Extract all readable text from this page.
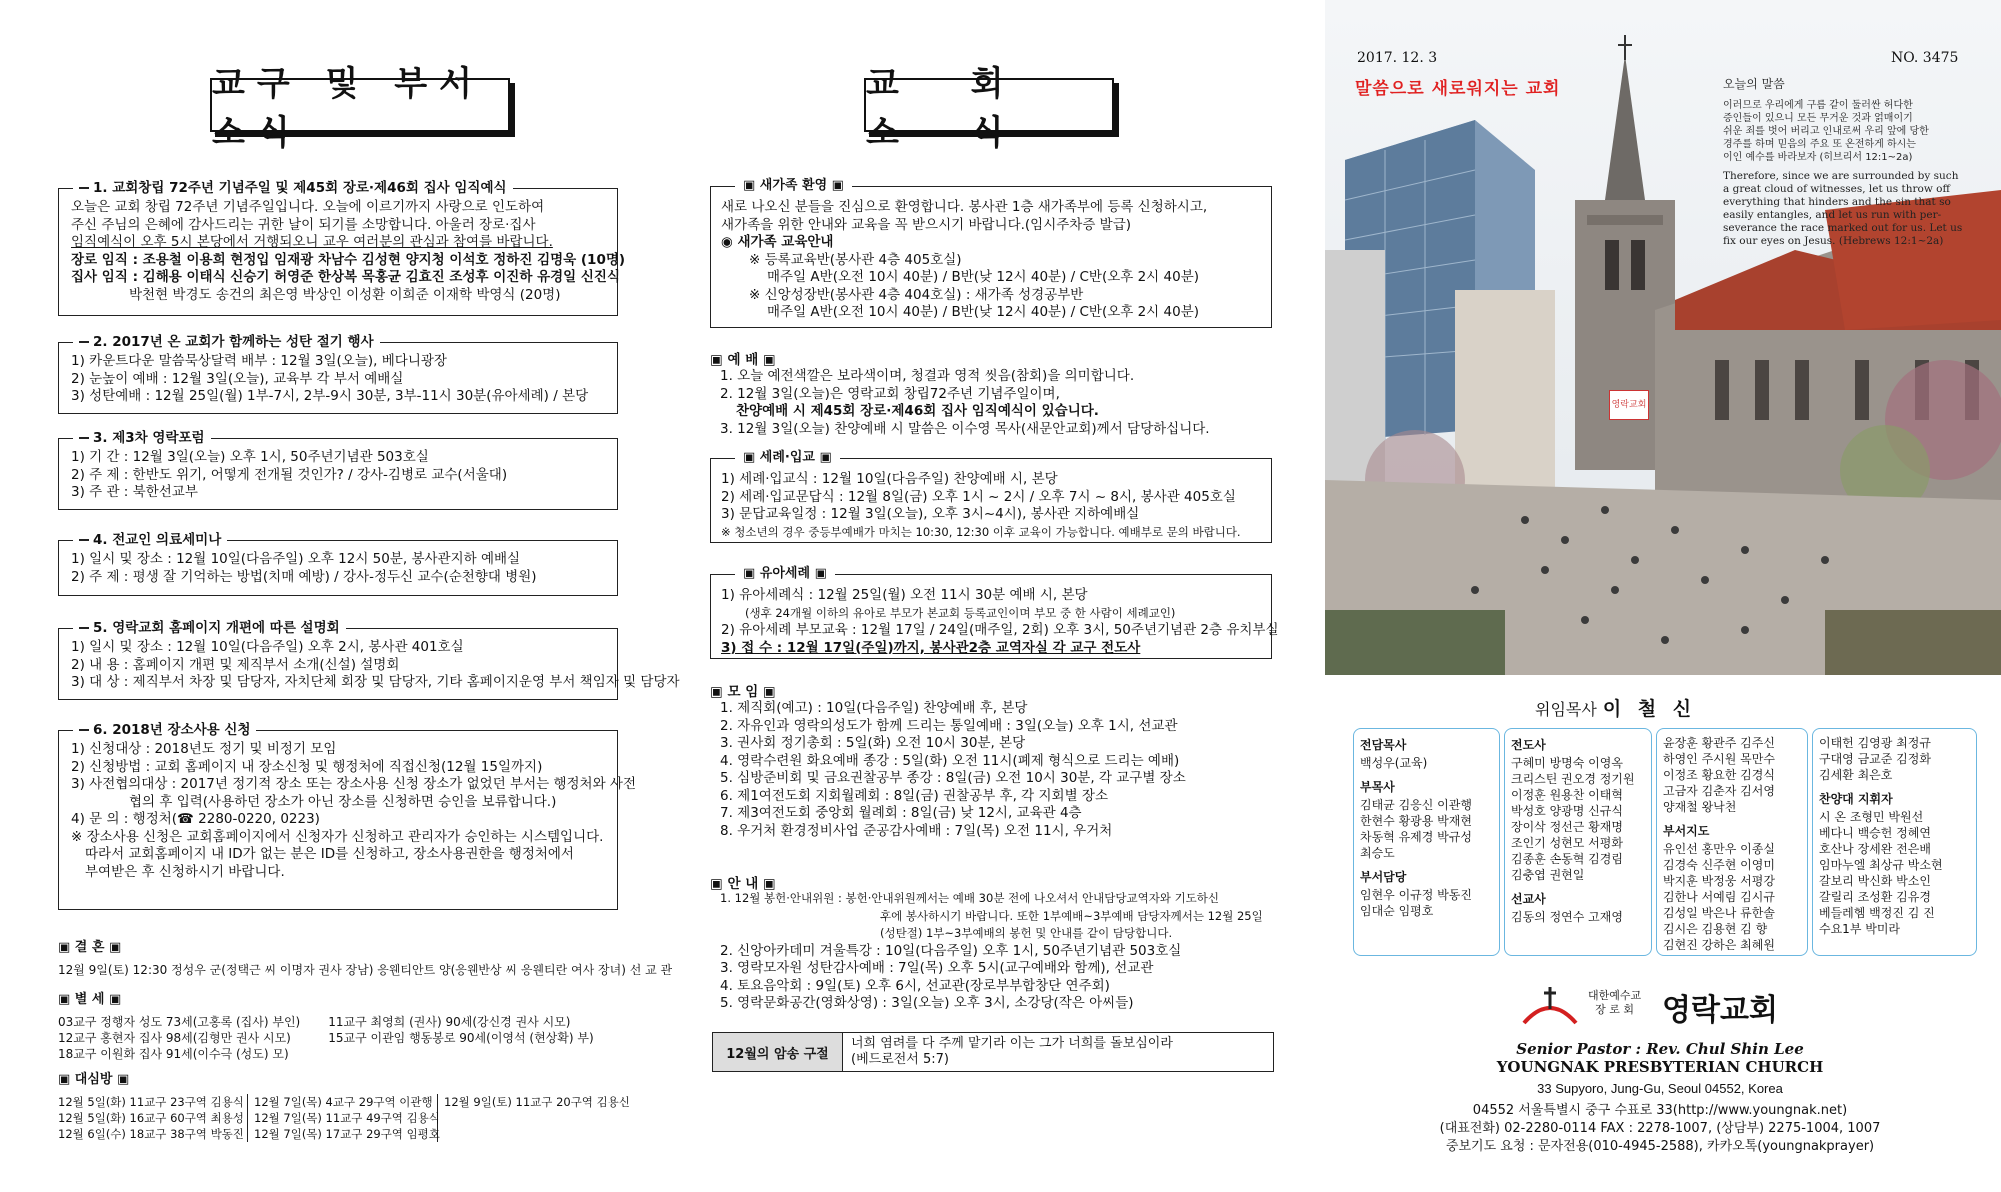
교구 및 부서소식
1. 교회창립 72주년 기념주일 및 제45회 장로·제46회 집사 임직예식

오늘은 교회 창립 72주년 기념주일입니다. 오늘에 이르기까지 사랑으로 인도하여

주신 주님의 은혜에 감사드리는 귀한 날이 되기를 소망합니다. 아울러 장로·집사

임직예식이 오후 5시 본당에서 거행되오니 교우 여러분의 관심과 참여를 바랍니다.

장로 임직 : 조용철 이용희 현정입 임재광 차남수 김성현 양지청 이석호 정하진 김명욱 (10명)

집사 임직 : 김해용 이태식 신승기 허영준 한상복 목홍균 김효진 조성후 이진하 유경일 신진식

박천현 박경도 송건의 최은영 박상인 이성환 이희준 이재학 박영식 (20명)

2. 2017년 온 교회가 함께하는 성탄 절기 행사

1) 카운트다운 말씀묵상달력 배부 : 12월 3일(오늘), 베다니광장

2) 눈높이 예배 : 12월 3일(오늘), 교육부 각 부서 예배실

3) 성탄예배 : 12월 25일(월) 1부-7시, 2부-9시 30분, 3부-11시 30분(유아세례) / 본당

3. 제3차 영락포럼

1) 기 간 : 12월 3일(오늘) 오후 1시, 50주년기념관 503호실

2) 주 제 : 한반도 위기, 어떻게 전개될 것인가? / 강사-김병로 교수(서울대)

3) 주 관 : 북한선교부

4. 전교인 의료세미나

1) 일시 및 장소 : 12월 10일(다음주일) 오후 12시 50분, 봉사관지하 예배실

2) 주 제 : 평생 잘 기억하는 방법(치매 예방) / 강사-정두신 교수(순천향대 병원)

5. 영락교회 홈페이지 개편에 따른 설명회

1) 일시 및 장소 : 12월 10일(다음주일) 오후 2시, 봉사관 401호실

2) 내 용 : 홈페이지 개편 및 제직부서 소개(신설) 설명회

3) 대 상 : 제직부서 차장 및 담당자, 자치단체 회장 및 담당자, 기타 홈페이지운영 부서 책임자 및 담당자

6. 2018년 장소사용 신청

1) 신청대상 : 2018년도 정기 및 비정기 모임

2) 신청방법 : 교회 홈페이지 내 장소신청 및 행정처에 직접신청(12월 15일까지)

3) 사전협의대상 : 2017년 정기적 장소 또는 장소사용 신청 장소가 없었던 부서는 행정처와 사전

협의 후 입력(사용하던 장소가 아닌 장소를 신청하면 승인을 보류합니다.)

4) 문 의 : 행정처(☎ 2280-0220, 0223)

※ 장소사용 신청은 교회홈페이지에서 신청자가 신청하고 관리자가 승인하는 시스템입니다.

따라서 교회홈페이지 내 ID가 없는 분은 ID를 신청하고, 장소사용권한을 행정처에서

부여받은 후 신청하시기 바랍니다.

▣ 결 혼 ▣

12월 9일(토) 12:30 정성우 군(정택근 씨 이명자 권사 장남) 응웬티안트 양(응웬반상 씨 응웬티란 여사 장녀) 선 교 관

▣ 별 세 ▣

03교구 정행자 성도 73세(고홍록 (집사) 부인)

12교구 홍현자 집사 98세(김형만 권사 시모)

18교구 이원화 집사 91세(이수극 (성도) 모)

11교구 최영희 (권사) 90세(강신경 권사 시모)

15교구 이관임 행동봉로 90세(이영석 (현상확) 부)

▣ 대심방 ▣

12월 5일(화) 11교구 23구역 김용식

12월 5일(화) 16교구 60구역 최용성

12월 6일(수) 18교구 38구역 박동진

12월 7일(목) 4교구 29구역 이관행

12월 7일(목) 11교구 49구역 김용식

12월 7일(목) 17교구 29구역 임평호

12월 9일(토) 11교구 20구역 김용신

교 회 소 식
▣ 새가족 환영 ▣

새로 나오신 분들을 진심으로 환영합니다. 봉사관 1층 새가족부에 등록 신청하시고,

새가족을 위한 안내와 교육을 꼭 받으시기 바랍니다.(임시주차증 발급)

◉ 새가족 교육안내

※ 등록교육반(봉사관 4층 405호실)

매주일 A반(오전 10시 40분) / B반(낮 12시 40분) / C반(오후 2시 40분)

※ 신앙성장반(봉사관 4층 404호실) : 새가족 성경공부반

매주일 A반(오전 10시 40분) / B반(낮 12시 40분) / C반(오후 2시 40분)

▣ 예 배 ▣

1. 오늘 예전색깔은 보라색이며, 청결과 영적 씻음(참회)을 의미합니다.

2. 12월 3일(오늘)은 영락교회 창립72주년 기념주일이며,

찬양예배 시 제45회 장로·제46회 집사 임직예식이 있습니다.

3. 12월 3일(오늘) 찬양예배 시 말씀은 이수영 목사(새문안교회)께서 담당하십니다.

▣ 세례·입교 ▣

1) 세례·입교식 : 12월 10일(다음주일) 찬양예배 시, 본당

2) 세례·입교문답식 : 12월 8일(금) 오후 1시 ~ 2시 / 오후 7시 ~ 8시, 봉사관 405호실

3) 문답교육일정 : 12월 3일(오늘), 오후 3시~4시), 봉사관 지하예배실

※ 청소년의 경우 중등부예배가 마치는 10:30, 12:30 이후 교육이 가능합니다. 예배부로 문의 바랍니다.

▣ 유아세례 ▣

1) 유아세례식 : 12월 25일(월) 오전 11시 30분 예배 시, 본당

(생후 24개월 이하의 유아로 부모가 본교회 등록교인이며 부모 중 한 사람이 세례교인)

2) 유아세례 부모교육 : 12월 17일 / 24일(매주일, 2회) 오후 3시, 50주년기념관 2층 유치부실

3) 접 수 : 12월 17일(주일)까지, 봉사관2층 교역자실 각 교구 전도사

▣ 모 임 ▣

1. 제직회(예고) : 10일(다음주일) 찬양예배 후, 본당

2. 자유인과 영락의성도가 함께 드리는 통일예배 : 3일(오늘) 오후 1시, 선교관

3. 권사회 정기총회 : 5일(화) 오전 10시 30분, 본당

4. 영락수련원 화요예배 종강 : 5일(화) 오전 11시(폐제 형식으로 드리는 예배)

5. 심방준비회 및 금요권찰공부 종강 : 8일(금) 오전 10시 30분, 각 교구별 장소

6. 제1여전도회 지회월례회 : 8일(금) 권찰공부 후, 각 지회별 장소

7. 제3여전도회 중앙회 월례회 : 8일(금) 낮 12시, 교육관 4층

8. 우거처 환경정비사업 준공감사예배 : 7일(목) 오전 11시, 우거처

▣ 안 내 ▣

1. 12월 봉헌·안내위원 : 봉헌·안내위원께서는 예배 30분 전에 나오셔서 안내담당교역자와 기도하신

후에 봉사하시기 바랍니다. 또한 1부예배~3부예배 담당자께서는 12월 25일

(성탄절) 1부~3부예배의 봉헌 및 안내를 같이 담당합니다.

2. 신앙아카데미 겨울특강 : 10일(다음주일) 오후 1시, 50주년기념관 503호실

3. 영락모자원 성탄감사예배 : 7일(목) 오후 5시(교구예배와 함께), 선교관

4. 토요음악회 : 9일(토) 오후 6시, 선교관(장로부부합창단 연주회)

5. 영락문화공간(영화상영) : 3일(오늘) 오후 3시, 소강당(작은 아씨들)

12월의 암송 구절
너희 염려를 다 주께 맡기라 이는 그가 너희를 돌보심이라
(베드로전서 5:7)
2017. 12. 3	NO. 3475
말씀으로 새로워지는 교회	오늘의 말씀

이러므로 우리에게 구름 같이 둘러싼 허다한

증인들이 있으니 모든 무거운 것과 얽매이기

쉬운 죄를 벗어 버리고 인내로써 우리 앞에 당한

경주를 하며 믿음의 주요 또 온전하게 하시는

이인 예수를 바라보자 (히브리서 12:1~2a)

Therefore, since we are surrounded by such

a great cloud of witnesses, let us throw off

everything that hinders and the sin that so

easily entangles, and let us run with per-

severance the race marked out for us. Let us

fix our eyes on Jesus. (Hebrews 12:1~2a)

영락교회
위임목사 이 철 신
전담목사

백성우(교육)

부목사

김태균 김응신 이관행

한현수 황광용 박재현

차동혁 유제경 박규성

최승도

부서담당

임현우 이규정 박동진

임대순 임평호

전도사

구혜미 방명숙 이영옥

크리스틴 권오경 정기원

이정훈 원용찬 이태혁

박성호 양광명 신규식

장이삭 정선근 황재명

조인기 성현모 서평화

김종훈 손동혁 김경림

김충엽 권현일

선교사

김동의 정연수 고재영

윤장훈 황관주 김주신

하영인 주시원 목만수

이정조 황요한 김경식

고금자 김춘자 김서영

양재철 왕낙천

부서지도

유인선 홍만우 이종실

김경숙 신주현 이영미

박지훈 박정웅 서평강

김한나 서예림 김시규

김성일 박은나 류한솔

김시은 김용현 김 향

김현진 강하은 최혜원

이태헌 김영광 최정규

구대영 금교준 김정화

김세환 최은호

찬양대 지휘자

시 온 조형민 박원선

베다니 백승헌 정혜연

호산나 장세완 전은배

임마누엘 최상규 박소현

갈보리 박신화 박소인

갈릴리 조성환 김유경

베들레헴 백정진 김 진

수요1부 박미라

대한예수교
장 로 회 영락교회
Senior Pastor : Rev. Chul Shin Lee
YOUNGNAK PRESBYTERIAN CHURCH
33 Supyoro, Jung-Gu, Seoul 04552, Korea
04552 서울특별시 중구 수표로 33(http://www.youngnak.net)
(대표전화) 02-2280-0114 FAX : 2278-1007, (상담부) 2275-1004, 1007
중보기도 요청 : 문자전용(010-4945-2588), 카카오톡(youngnakprayer)
